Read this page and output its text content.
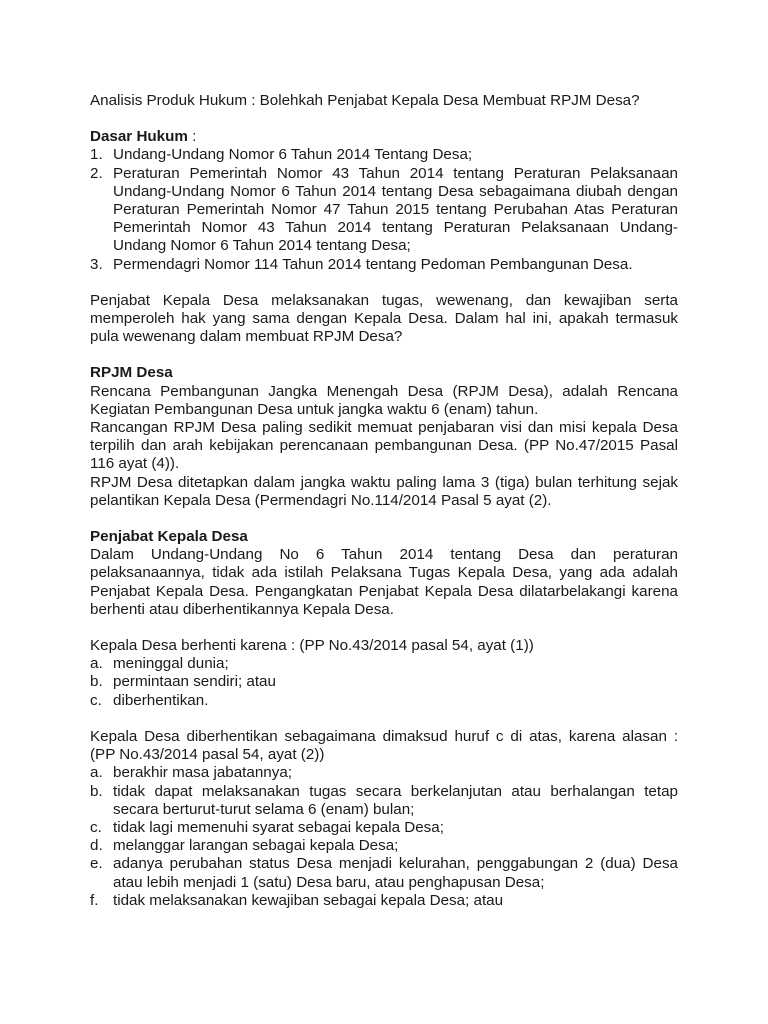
Analisis Produk Hukum : Bolehkah Penjabat Kepala Desa Membuat RPJM Desa?

Dasar Hukum :

1. Undang-Undang Nomor 6 Tahun 2014 Tentang Desa;
2. Peraturan Pemerintah Nomor 43 Tahun 2014 tentang Peraturan Pelaksanaan Undang-Undang Nomor 6 Tahun 2014 tentang Desa sebagaimana diubah dengan Peraturan Pemerintah Nomor 47 Tahun 2015 tentang Perubahan Atas Peraturan Pemerintah Nomor 43 Tahun 2014 tentang Peraturan Pelaksanaan Undang-Undang Nomor 6 Tahun 2014 tentang Desa;
3. Permendagri Nomor 114 Tahun 2014 tentang Pedoman Pembangunan Desa.

Penjabat Kepala Desa melaksanakan tugas, wewenang, dan kewajiban serta memperoleh hak yang sama dengan Kepala Desa. Dalam hal ini, apakah termasuk pula wewenang dalam membuat RPJM Desa?

RPJM Desa

Rencana Pembangunan Jangka Menengah Desa (RPJM Desa), adalah Rencana Kegiatan Pembangunan Desa untuk jangka waktu 6 (enam) tahun.

Rancangan RPJM Desa paling sedikit memuat penjabaran visi dan misi kepala Desa terpilih dan arah kebijakan perencanaan pembangunan Desa. (PP No.47/2015 Pasal 116 ayat (4)).

RPJM Desa ditetapkan dalam jangka waktu paling lama 3 (tiga) bulan terhitung sejak pelantikan Kepala Desa (Permendagri No.114/2014 Pasal 5 ayat (2).

Penjabat Kepala Desa

Dalam Undang-Undang No 6 Tahun 2014 tentang Desa dan peraturan pelaksanaannya, tidak ada istilah Pelaksana Tugas Kepala Desa, yang ada adalah Penjabat Kepala Desa. Pengangkatan Penjabat Kepala Desa dilatarbelakangi karena berhenti atau diberhentikannya Kepala Desa.

Kepala Desa berhenti karena : (PP No.43/2014 pasal 54, ayat (1))

a. meninggal dunia;
b. permintaan sendiri; atau
c. diberhentikan.

Kepala Desa diberhentikan sebagaimana dimaksud huruf c di atas, karena alasan : (PP No.43/2014 pasal 54, ayat (2))

a. berakhir masa jabatannya;
b. tidak dapat melaksanakan tugas secara berkelanjutan atau berhalangan tetap secara berturut-turut selama 6 (enam) bulan;
c. tidak lagi memenuhi syarat sebagai kepala Desa;
d. melanggar larangan sebagai kepala Desa;
e. adanya perubahan status Desa menjadi kelurahan, penggabungan 2 (dua) Desa atau lebih menjadi 1 (satu) Desa baru, atau penghapusan Desa;
f. tidak melaksanakan kewajiban sebagai kepala Desa; atau
